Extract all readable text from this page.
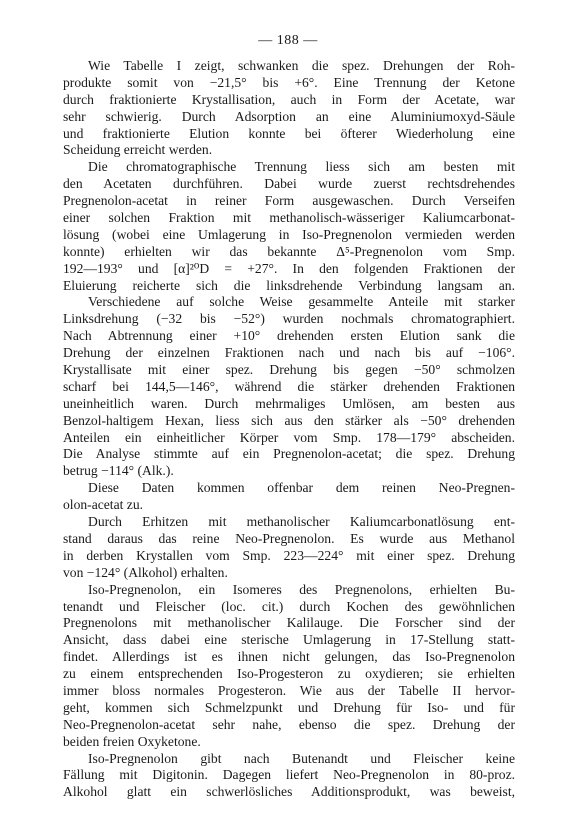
— 188 —
Wie Tabelle I zeigt, schwanken die spez. Drehungen der Roh-
produkte somit von −21,5° bis +6°. Eine Trennung der Ketone
durch fraktionierte Krystallisation, auch in Form der Acetate, war
sehr schwierig. Durch Adsorption an eine Aluminiumoxyd-Säule
und fraktionierte Elution konnte bei öfterer Wiederholung eine
Scheidung erreicht werden.
Die chromatographische Trennung liess sich am besten mit
den Acetaten durchführen. Dabei wurde zuerst rechtsdrehendes
Pregnenolon-acetat in reiner Form ausgewaschen. Durch Verseifen
einer solchen Fraktion mit methanolisch-wässeriger Kaliumcarbonat-
lösung (wobei eine Umlagerung in Iso-Pregnenolon vermieden werden
konnte) erhielten wir das bekannte Δ⁵-Pregnenolon vom Smp.
192—193° und [α]²⁰D = +27°. In den folgenden Fraktionen der
Eluierung reicherte sich die linksdrehende Verbindung langsam an.
Verschiedene auf solche Weise gesammelte Anteile mit starker
Linksdrehung (−32 bis −52°) wurden nochmals chromatographiert.
Nach Abtrennung einer +10° drehenden ersten Elution sank die
Drehung der einzelnen Fraktionen nach und nach bis auf −106°.
Krystallisate mit einer spez. Drehung bis gegen −50° schmolzen
scharf bei 144,5—146°, während die stärker drehenden Fraktionen
uneinheitlich waren. Durch mehrmaliges Umlösen, am besten aus
Benzol-haltigem Hexan, liess sich aus den stärker als −50° drehenden
Anteilen ein einheitlicher Körper vom Smp. 178—179° abscheiden.
Die Analyse stimmte auf ein Pregnenolon-acetat; die spez. Drehung
betrug −114° (Alk.).
Diese Daten kommen offenbar dem reinen Neo-Pregnen-
olon-acetat zu.
Durch Erhitzen mit methanolischer Kaliumcarbonatlösung ent-
stand daraus das reine Neo-Pregnenolon. Es wurde aus Methanol
in derben Krystallen vom Smp. 223—224° mit einer spez. Drehung
von −124° (Alkohol) erhalten.
Iso-Pregnenolon, ein Isomeres des Pregnenolons, erhielten Bu-
tenandt und Fleischer (loc. cit.) durch Kochen des gewöhnlichen
Pregnenolons mit methanolischer Kalilauge. Die Forscher sind der
Ansicht, dass dabei eine sterische Umlagerung in 17-Stellung statt-
findet. Allerdings ist es ihnen nicht gelungen, das Iso-Pregnenolon
zu einem entsprechenden Iso-Progesteron zu oxydieren; sie erhielten
immer bloss normales Progesteron. Wie aus der Tabelle II hervor-
geht, kommen sich Schmelzpunkt und Drehung für Iso- und für
Neo-Pregnenolon-acetat sehr nahe, ebenso die spez. Drehung der
beiden freien Oxyketone.
Iso-Pregnenolon gibt nach Butenandt und Fleischer keine
Fällung mit Digitonin. Dagegen liefert Neo-Pregnenolon in 80-proz.
Alkohol glatt ein schwerlösliches Additionsprodukt, was beweist,
